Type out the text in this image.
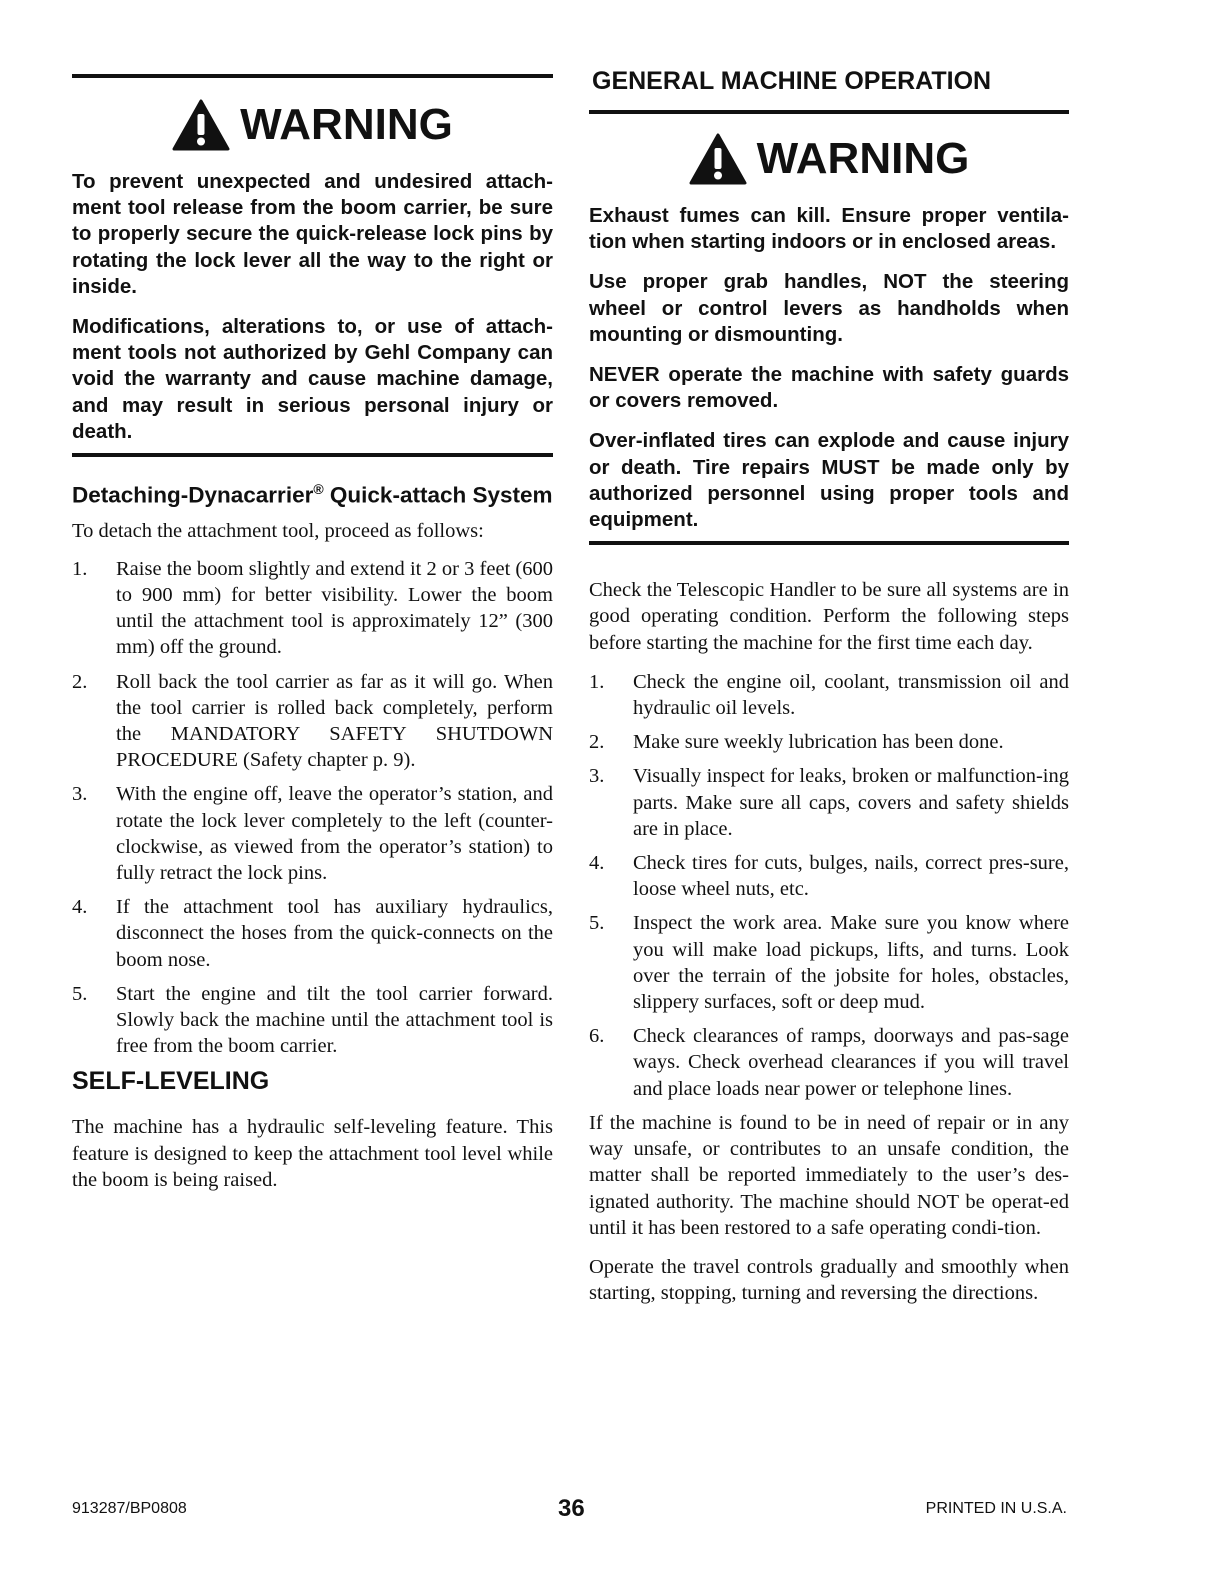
WARNING

To prevent unexpected and undesired attach-ment tool release from the boom carrier, be sure to properly secure the quick-release lock pins by rotating the lock lever all the way to the right or inside.

Modifications, alterations to, or use of attach-ment tools not authorized by Gehl Company can void the warranty and cause machine damage, and may result in serious personal injury or death.

Detaching-Dynacarrier® Quick-attach System

To detach the attachment tool, proceed as follows:

1.	Raise the boom slightly and extend it 2 or 3 feet (600 to 900 mm) for better visibility. Lower the boom until the attachment tool is approximately 12” (300 mm) off the ground.
2.	Roll back the tool carrier as far as it will go. When the tool carrier is rolled back completely, perform the MANDATORY SAFETY SHUTDOWN PROCEDURE (Safety chapter p. 9).
3.	With the engine off, leave the operator’s station, and rotate the lock lever completely to the left (counter-clockwise, as viewed from the operator’s station) to fully retract the lock pins.
4.	If the attachment tool has auxiliary hydraulics, disconnect the hoses from the quick-connects on the boom nose.
5.	Start the engine and tilt the tool carrier forward. Slowly back the machine until the attachment tool is free from the boom carrier.
SELF-LEVELING

The machine has a hydraulic self-leveling feature. This feature is designed to keep the attachment tool level while the boom is being raised.

GENERAL MACHINE OPERATION
WARNING

Exhaust fumes can kill. Ensure proper ventila-tion when starting indoors or in enclosed areas.

Use proper grab handles, NOT the steering wheel or control levers as handholds when mounting or dismounting.

NEVER operate the machine with safety guards or covers removed.

Over-inflated tires can explode and cause injury or death. Tire repairs MUST be made only by authorized personnel using proper tools and equipment.

Check the Telescopic Handler to be sure all systems are in good operating condition. Perform the following steps before starting the machine for the first time each day.

1.	Check the engine oil, coolant, transmission oil and hydraulic oil levels.
2.	Make sure weekly lubrication has been done.
3.	Visually inspect for leaks, broken or malfunction-ing parts. Make sure all caps, covers and safety shields are in place.
4.	Check tires for cuts, bulges, nails, correct pres-sure, loose wheel nuts, etc.
5.	Inspect the work area. Make sure you know where you will make load pickups, lifts, and turns. Look over the terrain of the jobsite for holes, obstacles, slippery surfaces, soft or deep mud.
6.	Check clearances of ramps, doorways and pas-sage ways. Check overhead clearances if you will travel and place loads near power or telephone lines.

If the machine is found to be in need of repair or in any way unsafe, or contributes to an unsafe condition, the matter shall be reported immediately to the user’s des-ignated authority. The machine should NOT be operat-ed until it has been restored to a safe operating condi-tion.

Operate the travel controls gradually and smoothly when starting, stopping, turning and reversing the directions.

913287/BP0808	36	PRINTED IN U.S.A.
